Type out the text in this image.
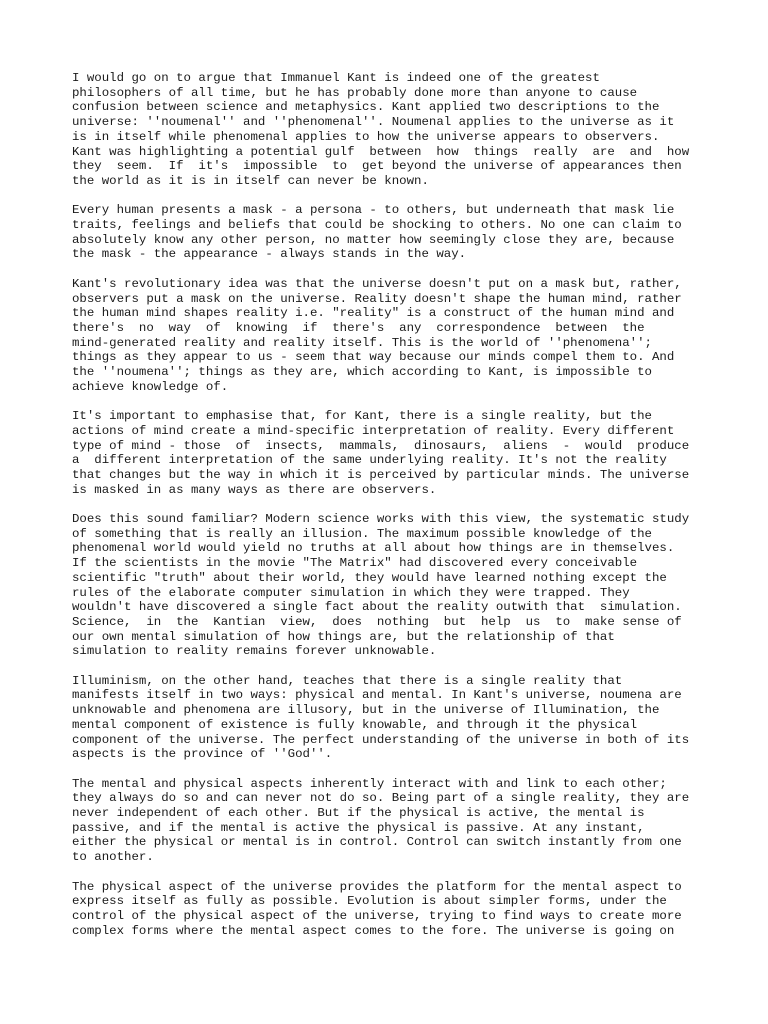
I would go on to argue that Immanuel Kant is indeed one of the greatest
philosophers of all time, but he has probably done more than anyone to cause
confusion between science and metaphysics. Kant applied two descriptions to the
universe: ''noumenal'' and ''phenomenal''. Noumenal applies to the universe as it
is in itself while phenomenal applies to how the universe appears to observers.
Kant was highlighting a potential gulf  between  how  things  really  are  and  how
they  seem.  If  it's  impossible  to  get beyond the universe of appearances then
the world as it is in itself can never be known.

Every human presents a mask - a persona - to others, but underneath that mask lie
traits, feelings and beliefs that could be shocking to others. No one can claim to
absolutely know any other person, no matter how seemingly close they are, because
the mask - the appearance - always stands in the way.

Kant's revolutionary idea was that the universe doesn't put on a mask but, rather,
observers put a mask on the universe. Reality doesn't shape the human mind, rather
the human mind shapes reality i.e. "reality" is a construct of the human mind and
there's  no  way  of  knowing  if  there's  any  correspondence  between  the
mind-generated reality and reality itself. This is the world of ''phenomena'';
things as they appear to us - seem that way because our minds compel them to. And
the ''noumena''; things as they are, which according to Kant, is impossible to
achieve knowledge of.

It's important to emphasise that, for Kant, there is a single reality, but the
actions of mind create a mind-specific interpretation of reality. Every different
type of mind - those  of  insects,  mammals,  dinosaurs,  aliens  -  would  produce
a  different interpretation of the same underlying reality. It's not the reality
that changes but the way in which it is perceived by particular minds. The universe
is masked in as many ways as there are observers.

Does this sound familiar? Modern science works with this view, the systematic study
of something that is really an illusion. The maximum possible knowledge of the
phenomenal world would yield no truths at all about how things are in themselves.
If the scientists in the movie "The Matrix" had discovered every conceivable
scientific "truth" about their world, they would have learned nothing except the
rules of the elaborate computer simulation in which they were trapped. They
wouldn't have discovered a single fact about the reality outwith that  simulation.
Science,  in  the  Kantian  view,  does  nothing  but  help  us  to  make sense of
our own mental simulation of how things are, but the relationship of that
simulation to reality remains forever unknowable.

Illuminism, on the other hand, teaches that there is a single reality that
manifests itself in two ways: physical and mental. In Kant's universe, noumena are
unknowable and phenomena are illusory, but in the universe of Illumination, the
mental component of existence is fully knowable, and through it the physical
component of the universe. The perfect understanding of the universe in both of its
aspects is the province of ''God''.

The mental and physical aspects inherently interact with and link to each other;
they always do so and can never not do so. Being part of a single reality, they are
never independent of each other. But if the physical is active, the mental is
passive, and if the mental is active the physical is passive. At any instant,
either the physical or mental is in control. Control can switch instantly from one
to another.

The physical aspect of the universe provides the platform for the mental aspect to
express itself as fully as possible. Evolution is about simpler forms, under the
control of the physical aspect of the universe, trying to find ways to create more
complex forms where the mental aspect comes to the fore. The universe is going on
